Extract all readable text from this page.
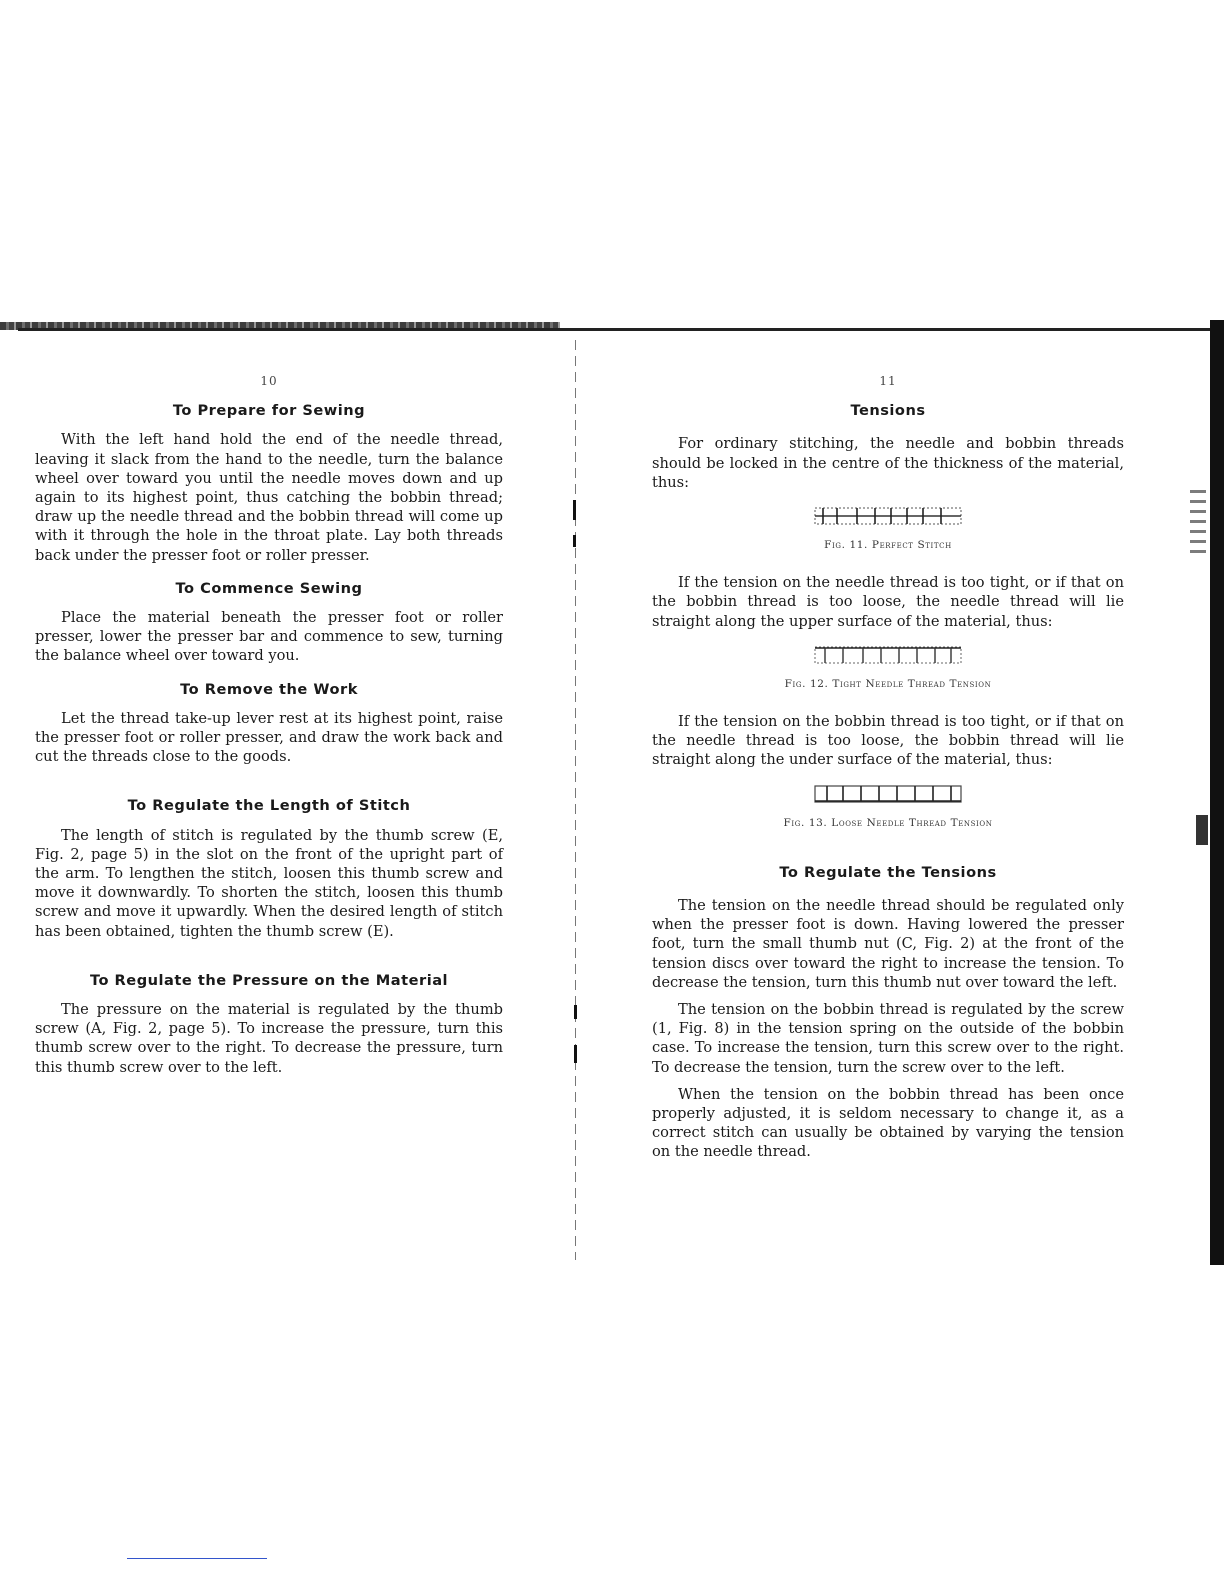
10
To Prepare for Sewing

With the left hand hold the end of the needle thread, leaving it slack from the hand to the needle, turn the balance wheel over toward you until the needle moves down and up again to its highest point, thus catching the bobbin thread; draw up the needle thread and the bobbin thread will come up with it through the hole in the throat plate. Lay both threads back under the presser foot or roller presser.

To Commence Sewing

Place the material beneath the presser foot or roller presser, lower the presser bar and commence to sew, turning the balance wheel over toward you.

To Remove the Work

Let the thread take-up lever rest at its highest point, raise the presser foot or roller presser, and draw the work back and cut the threads close to the goods.

To Regulate the Length of Stitch

The length of stitch is regulated by the thumb screw (E, Fig. 2, page 5) in the slot on the front of the upright part of the arm. To lengthen the stitch, loosen this thumb screw and move it downwardly. To shorten the stitch, loosen this thumb screw and move it upwardly. When the desired length of stitch has been obtained, tighten the thumb screw (E).

To Regulate the Pressure on the Material

The pressure on the material is regulated by the thumb screw (A, Fig. 2, page 5). To increase the pressure, turn this thumb screw over to the right. To decrease the pressure, turn this thumb screw over to the left.

11
Tensions

For ordinary stitching, the needle and bobbin threads should be locked in the centre of the thickness of the material, thus:

Fig. 11. Perfect Stitch

If the tension on the needle thread is too tight, or if that on the bobbin thread is too loose, the needle thread will lie straight along the upper surface of the material, thus:

Fig. 12. Tight Needle Thread Tension

If the tension on the bobbin thread is too tight, or if that on the needle thread is too loose, the bobbin thread will lie straight along the under surface of the material, thus:

Fig. 13. Loose Needle Thread Tension
To Regulate the Tensions

The tension on the needle thread should be regulated only when the presser foot is down. Having lowered the presser foot, turn the small thumb nut (C, Fig. 2) at the front of the tension discs over toward the right to increase the tension. To decrease the tension, turn this thumb nut over toward the left.

The tension on the bobbin thread is regulated by the screw (1, Fig. 8) in the tension spring on the outside of the bobbin case. To increase the tension, turn this screw over to the right. To decrease the tension, turn the screw over to the left.

When the tension on the bobbin thread has been once properly adjusted, it is seldom necessary to change it, as a correct stitch can usually be obtained by varying the tension on the needle thread.
